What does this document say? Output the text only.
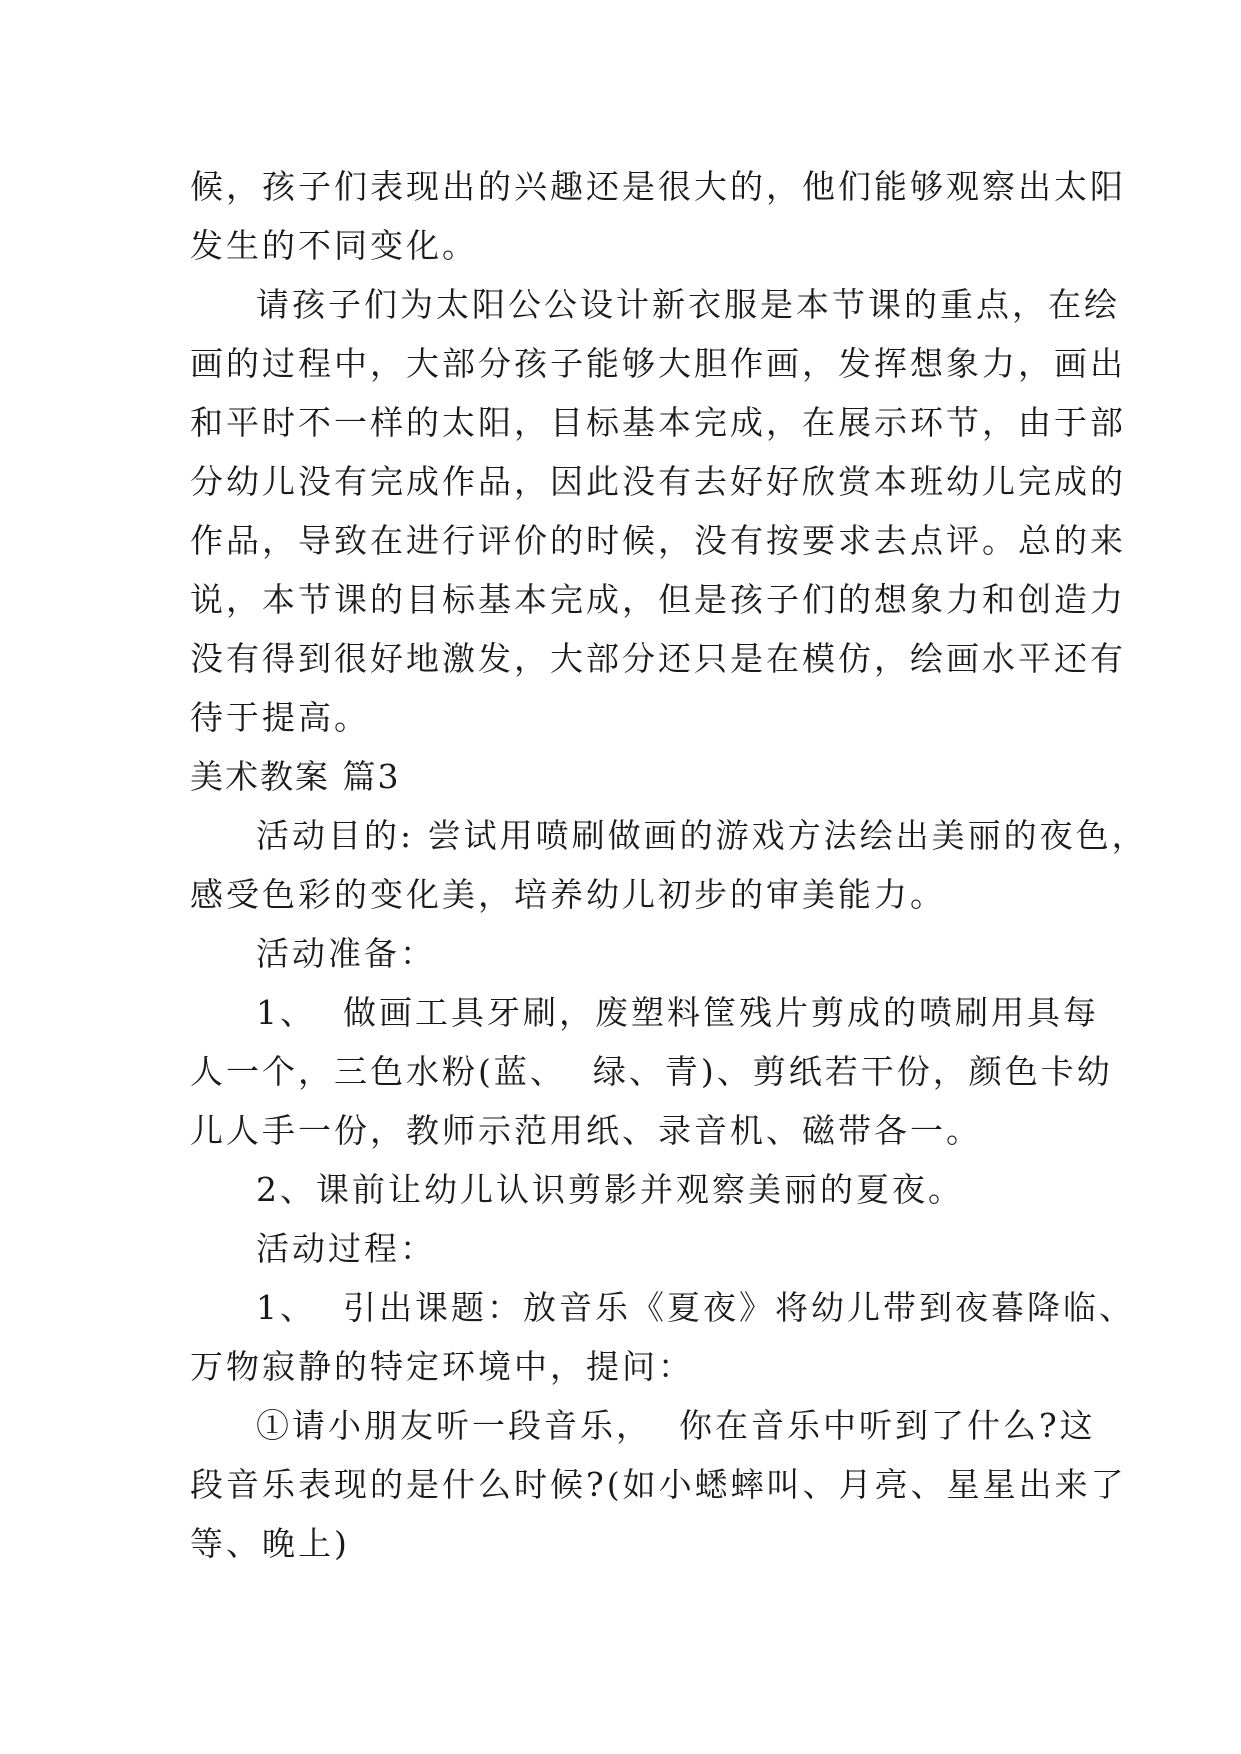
候，孩子们表现出的兴趣还是很大的，他们能够观察出太阳
发生的不同变化。
请孩子们为太阳公公设计新衣服是本节课的重点，在绘
画的过程中，大部分孩子能够大胆作画，发挥想象力，画出
和平时不一样的太阳，目标基本完成，在展示环节，由于部
分幼儿没有完成作品，因此没有去好好欣赏本班幼儿完成的
作品，导致在进行评价的时候，没有按要求去点评。总的来
说，本节课的目标基本完成，但是孩子们的想象力和创造力
没有得到很好地激发，大部分还只是在模仿，绘画水平还有
待于提高。
美术教案 篇3
活动目的: 尝试用喷刷做画的游戏方法绘出美丽的夜色，
感受色彩的变化美，培养幼儿初步的审美能力。
活动准备：
1、  做画工具牙刷，废塑料筐残片剪成的喷刷用具每
人一个，三色水粉(蓝、  绿、青)、剪纸若干份，颜色卡幼
儿人手一份，教师示范用纸、录音机、磁带各一。
2、课前让幼儿认识剪影并观察美丽的夏夜。
活动过程：
1、  引出课题：放音乐《夏夜》将幼儿带到夜暮降临、
万物寂静的特定环境中，提问：
①请小朋友听一段音乐，  你在音乐中听到了什么?这
段音乐表现的是什么时候?(如小蟋蟀叫、月亮、星星出来了
等、晚上)
